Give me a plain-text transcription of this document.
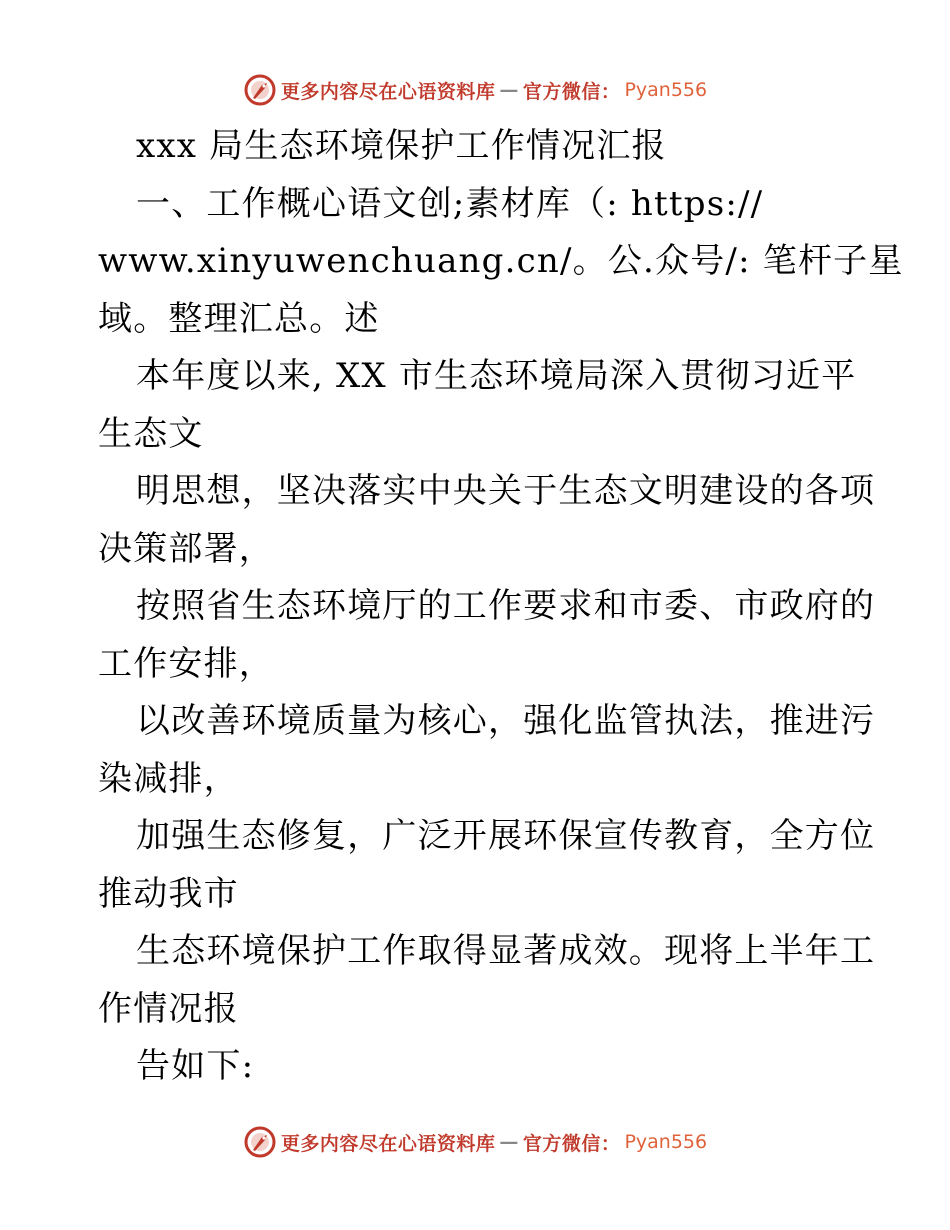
更多内容尽在心语资料库 — 官方微信： Pyan556
xxx 局生态环境保护工作情况汇报
一、工作概心语文创;素材库（: https://
www.xinyuwenchuang.cn/。公.众号/: 笔杆子星
域。整理汇总。述
本年度以来, XX 市生态环境局深入贯彻习近平
生态文
明思想，坚决落实中央关于生态文明建设的各项
决策部署，
按照省生态环境厅的工作要求和市委、市政府的
工作安排，
以改善环境质量为核心，强化监管执法，推进污
染减排，
加强生态修复，广泛开展环保宣传教育，全方位
推动我市
生态环境保护工作取得显著成效。现将上半年工
作情况报
告如下:
更多内容尽在心语资料库 — 官方微信： Pyan556
